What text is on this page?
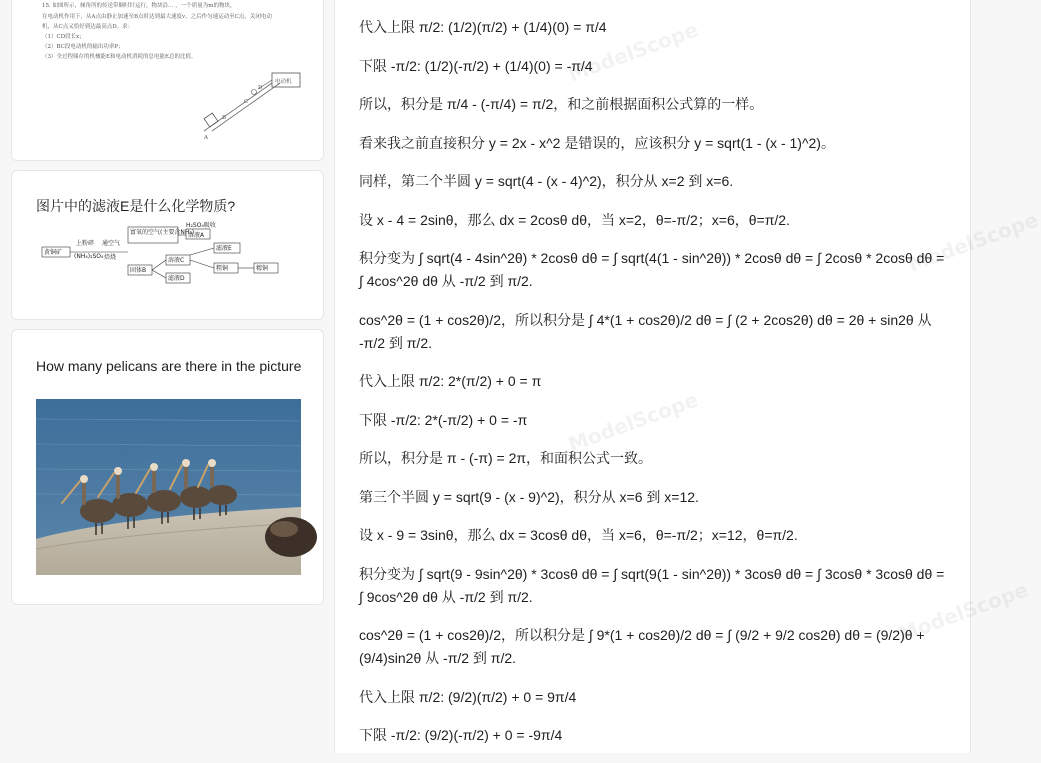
15. 如图所示，倾角所的传送带顺时针运行，物块沿… ，一个质量为m的物块，
在电动机作用下，从A点由静止加速至B点时达到最大速度v，之后作匀速运动至C点，关闭电动
机，从C点又恰好到达最高点D。求：
（1）CD段长x；
（2）BC段电动机的输出功率P；
（3）全过程储存的机械能E和电动机消耗的总电能E总的比值。
电动机
A
B
C
D
图片中的滤液E是什么化学物质?
黄铜矿
上粉碎
(NH₄)₂SO₄
通空气
焙烧
富氧的空气(主要含NH₃)
H₂SO₄吸收
溶液A
固体B
溶液C
滤液D
滤液E
粗铜	精铜
How many pelicans are there in the picture

代入上限 π/2: (1/2)(π/2) + (1/4)(0) = π/4

下限 -π/2: (1/2)(-π/2) + (1/4)(0) = -π/4

所以，积分是 π/4 - (-π/4) = π/2，和之前根据面积公式算的一样。

看来我之前直接积分 y = 2x - x^2 是错误的，应该积分 y = sqrt(1 - (x - 1)^2)。

同样，第二个半圆 y = sqrt(4 - (x - 4)^2)，积分从 x=2 到 x=6.

设 x - 4 = 2sinθ，那么 dx = 2cosθ dθ，当 x=2，θ=-π/2；x=6，θ=π/2.

积分变为 ∫ sqrt(4 - 4sin^2θ) * 2cosθ dθ = ∫ sqrt(4(1 - sin^2θ)) * 2cosθ dθ = ∫ 2cosθ * 2cosθ dθ = ∫ 4cos^2θ dθ 从 -π/2 到 π/2.

cos^2θ = (1 + cos2θ)/2，所以积分是 ∫ 4*(1 + cos2θ)/2 dθ = ∫ (2 + 2cos2θ) dθ = 2θ + sin2θ 从 -π/2 到 π/2.

代入上限 π/2: 2*(π/2) + 0 = π

下限 -π/2: 2*(-π/2) + 0 = -π

所以，积分是 π - (-π) = 2π，和面积公式一致。

第三个半圆 y = sqrt(9 - (x - 9)^2)，积分从 x=6 到 x=12.

设 x - 9 = 3sinθ，那么 dx = 3cosθ dθ，当 x=6，θ=-π/2；x=12，θ=π/2.

积分变为 ∫ sqrt(9 - 9sin^2θ) * 3cosθ dθ = ∫ sqrt(9(1 - sin^2θ)) * 3cosθ dθ = ∫ 3cosθ * 3cosθ dθ = ∫ 9cos^2θ dθ 从 -π/2 到 π/2.

cos^2θ = (1 + cos2θ)/2，所以积分是 ∫ 9*(1 + cos2θ)/2 dθ = ∫ (9/2 + 9/2 cos2θ) dθ = (9/2)θ + (9/4)sin2θ 从 -π/2 到 π/2.

代入上限 π/2: (9/2)(π/2) + 0 = 9π/4

下限 -π/2: (9/2)(-π/2) + 0 = -9π/4

ModelScope
ModelScope
ModelScope
ModelScope
